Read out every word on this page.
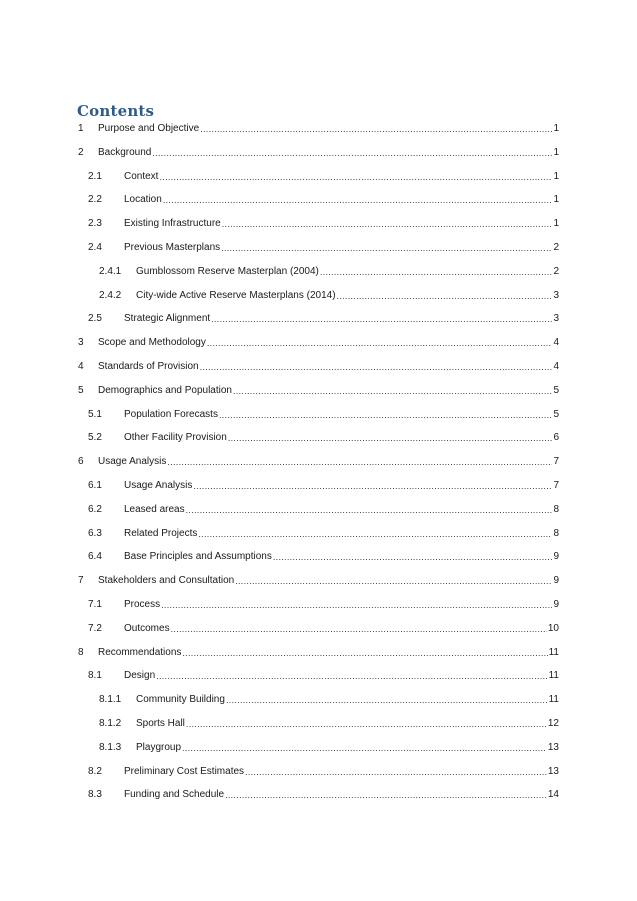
Contents
1	Purpose and Objective .....	1
2	Background .....	1
2.1	Context .....	1
2.2	Location .....	1
2.3	Existing Infrastructure .....	1
2.4	Previous Masterplans .....	2
2.4.1	Gumblossom Reserve Masterplan (2004) .....	2
2.4.2	City-wide Active Reserve Masterplans (2014) .....	3
2.5	Strategic Alignment .....	3
3	Scope and Methodology .....	4
4	Standards of Provision .....	4
5	Demographics and Population .....	5
5.1	Population Forecasts .....	5
5.2	Other Facility Provision .....	6
6	Usage Analysis .....	7
6.1	Usage Analysis .....	7
6.2	Leased areas .....	8
6.3	Related Projects .....	8
6.4	Base Principles and Assumptions .....	9
7	Stakeholders and Consultation .....	9
7.1	Process .....	9
7.2	Outcomes .....	10
8	Recommendations .....	11
8.1	Design .....	11
8.1.1	Community Building .....	11
8.1.2	Sports Hall .....	12
8.1.3	Playgroup .....	13
8.2	Preliminary Cost Estimates .....	13
8.3	Funding and Schedule .....	14
